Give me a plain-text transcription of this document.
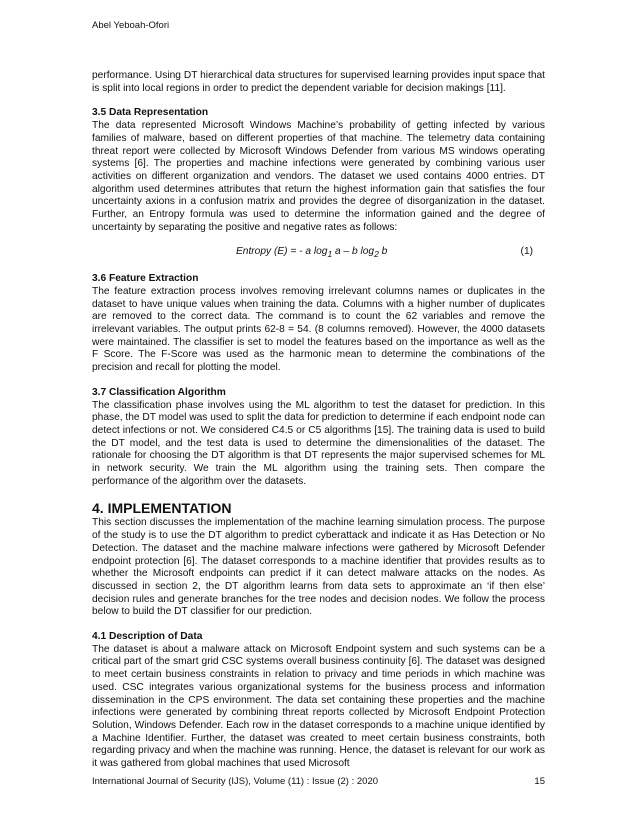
Abel Yeboah-Ofori

performance. Using DT hierarchical data structures for supervised learning provides input space that is split into local regions in order to predict the dependent variable for decision makings [11].

3.5 Data Representation

The data represented Microsoft Windows Machine’s probability of getting infected by various families of malware, based on different properties of that machine. The telemetry data containing threat report were collected by Microsoft Windows Defender from various MS windows operating systems [6]. The properties and machine infections were generated by combining various user activities on different organization and vendors. The dataset we used contains 4000 entries. DT algorithm used determines attributes that return the highest information gain that satisfies the four uncertainty axions in a confusion matrix and provides the degree of disorganization in the dataset. Further, an Entropy formula was used to determine the information gained and the degree of uncertainty by separating the positive and negative rates as follows:

Entropy (E) = - a $\log_1 a$ – b $\log_2 b$	(1)
3.6 Feature Extraction

The feature extraction process involves removing irrelevant columns names or duplicates in the dataset to have unique values when training the data. Columns with a higher number of duplicates are removed to the correct data. The command is to count the 62 variables and remove the irrelevant variables. The output prints 62-8 = 54. (8 columns removed). However, the 4000 datasets were maintained. The classifier is set to model the features based on the importance as well as the F Score. The F-Score was used as the harmonic mean to determine the combinations of the precision and recall for plotting the model.

3.7 Classification Algorithm

The classification phase involves using the ML algorithm to test the dataset for prediction. In this phase, the DT model was used to split the data for prediction to determine if each endpoint node can detect infections or not. We considered C4.5 or C5 algorithms [15]. The training data is used to build the DT model, and the test data is used to determine the dimensionalities of the dataset. The rationale for choosing the DT algorithm is that DT represents the major supervised schemes for ML in network security. We train the ML algorithm using the training sets. Then compare the performance of the algorithm over the datasets.

4. IMPLEMENTATION

This section discusses the implementation of the machine learning simulation process. The purpose of the study is to use the DT algorithm to predict cyberattack and indicate it as Has Detection or No Detection. The dataset and the machine malware infections were gathered by Microsoft Defender endpoint protection [6]. The dataset corresponds to a machine identifier that provides results as to whether the Microsoft endpoints can predict if it can detect malware attacks on the nodes. As discussed in section 2, the DT algorithm learns from data sets to approximate an ‘if then else’ decision rules and generate branches for the tree nodes and decision nodes. We follow the process below to build the DT classifier for our prediction.

4.1 Description of Data

The dataset is about a malware attack on Microsoft Endpoint system and such systems can be a critical part of the smart grid CSC systems overall business continuity [6]. The dataset was designed to meet certain business constraints in relation to privacy and time periods in which machine was used. CSC integrates various organizational systems for the business process and information dissemination in the CPS environment. The data set containing these properties and the machine infections were generated by combining threat reports collected by Microsoft Endpoint Protection Solution, Windows Defender. Each row in the dataset corresponds to a machine unique identified by a Machine Identifier. Further, the dataset was created to meet certain business constraints, both regarding privacy and when the machine was running. Hence, the dataset is relevant for our work as it was gathered from global machines that used Microsoft

International Journal of Security (IJS), Volume (11) : Issue (2) : 2020	15
